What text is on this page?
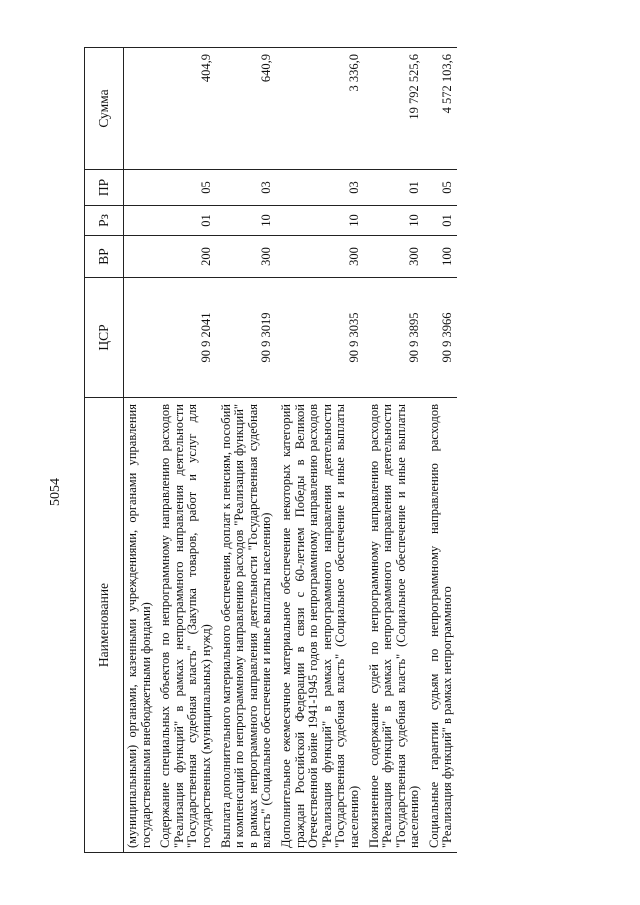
5054
Наименование	ЦСР	ВР	Рз	ПР	Сумма
(муниципальными) органами, казенными учреждениями, органами управления государственными внебюджетными фондами)					
Содержание специальных объектов по непрограммному направлению расходов "Реализация функций" в рамках непрограммного направления деятельности "Государственная судебная власть" (Закупка товаров, работ и услуг для государственных (муниципальных) нужд)	90 9 2041	200	01	05	404,9
Выплата дополнительного материального обеспечения, доплат к пенсиям, пособий и компенсаций по непрограммному направлению расходов "Реализация функций" в рамках непрограммного направления деятельности "Государственная судебная власть" (Социальное обеспечение и иные выплаты населению)	90 9 3019	300	10	03	640,9
Дополнительное ежемесячное материальное обеспечение некоторых категорий граждан Российской Федерации в связи с 60-летием Победы в Великой Отечественной войне 1941-1945 годов по непрограммному направлению расходов "Реализация функций" в рамках непрограммного направления деятельности "Государственная судебная власть" (Социальное обеспечение и иные выплаты населению)	90 9 3035	300	10	03	3 336,0
Пожизненное содержание судей по непрограммному направлению расходов "Реализация функций" в рамках непрограммного направления деятельности "Государственная судебная власть" (Социальное обеспечение и иные выплаты населению)	90 9 3895	300	10	01	19 792 525,6
Социальные гарантии судьям по непрограммному направлению расходов "Реализация функций" в рамках непрограммного	90 9 3966	100	01	05	4 572 103,6
